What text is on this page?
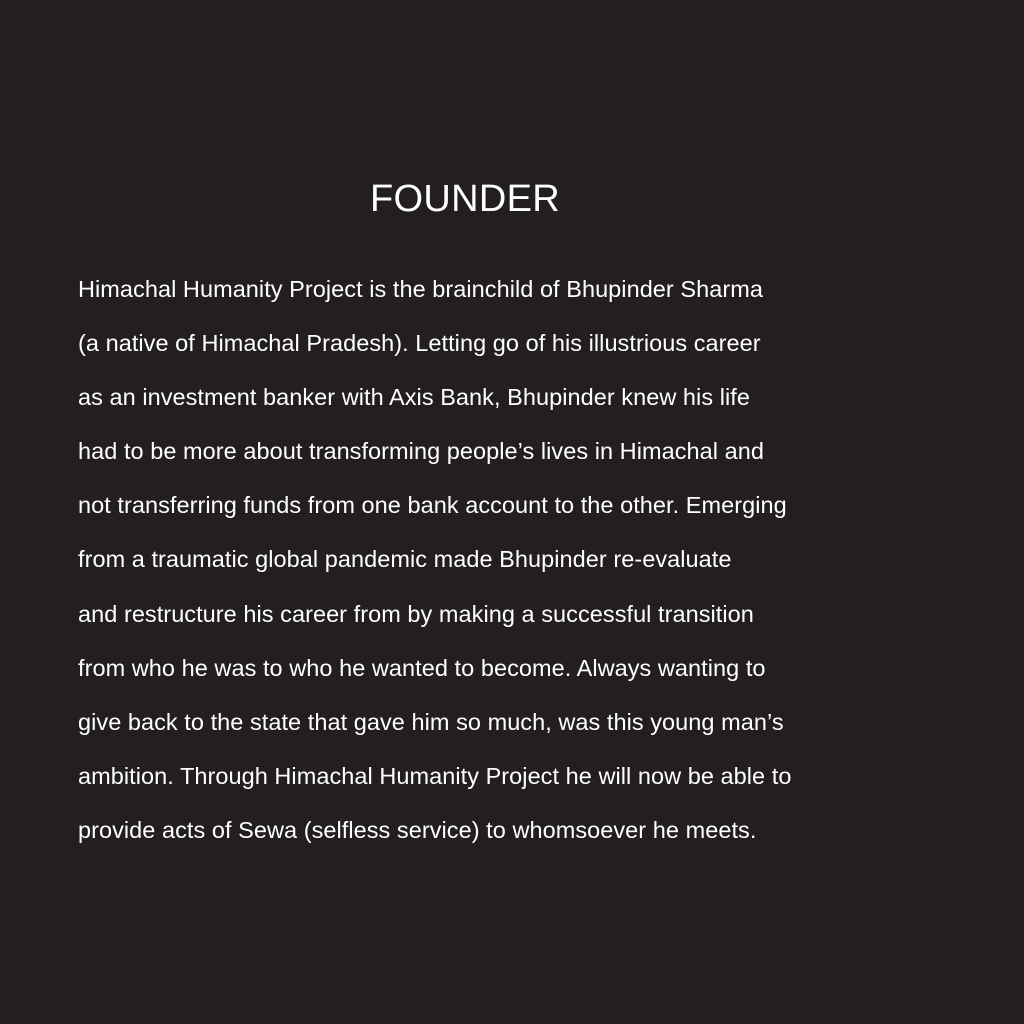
FOUNDER
Himachal Humanity Project is the brainchild of Bhupinder Sharma
(a native of Himachal Pradesh). Letting go of his illustrious career
as an investment banker with Axis Bank, Bhupinder knew his life
had to be more about transforming people’s lives in Himachal and
not transferring funds from one bank account to the other. Emerging
from a traumatic global pandemic made Bhupinder re-evaluate
and restructure his career from by making a successful transition
from who he was to who he wanted to become. Always wanting to
give back to the state that gave him so much, was this young man’s
ambition. Through Himachal Humanity Project he will now be able to
provide acts of Sewa (selfless service) to whomsoever he meets.
